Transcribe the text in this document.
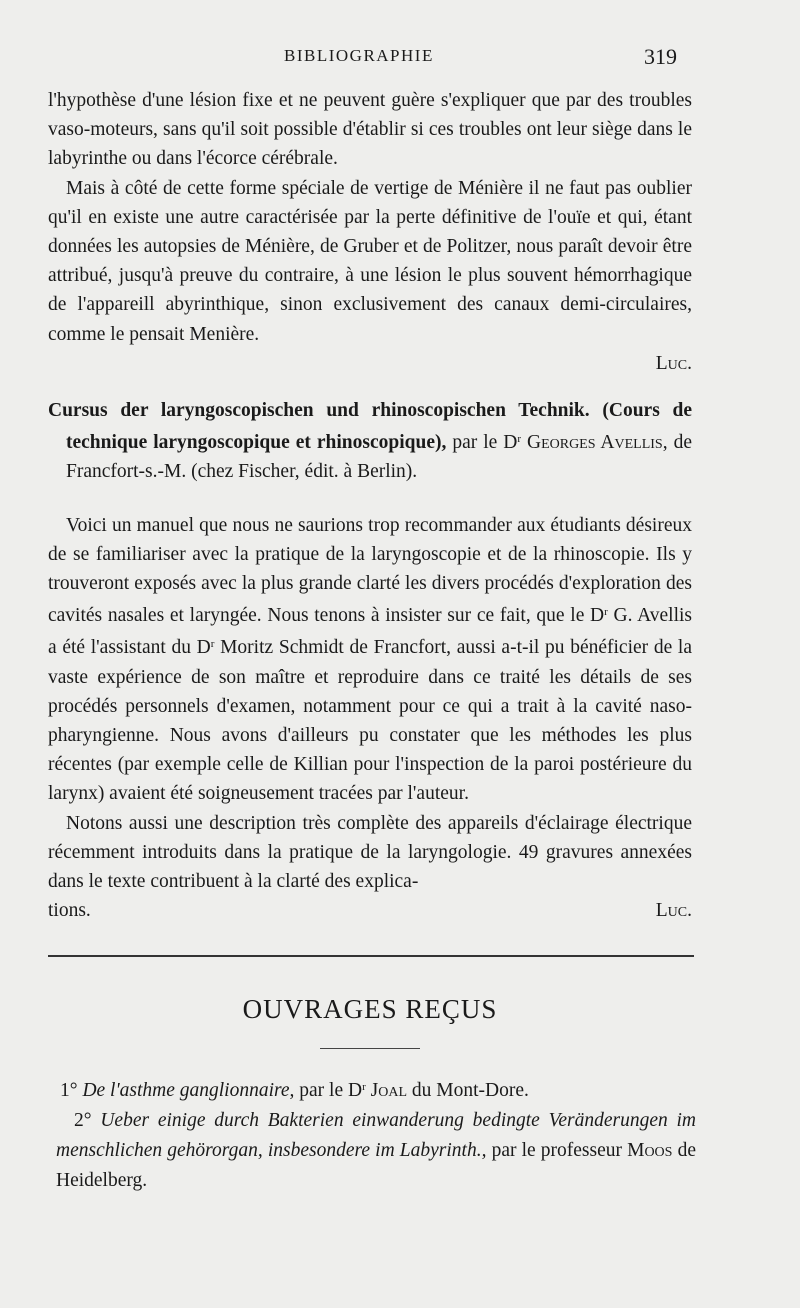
BIBLIOGRAPHIE	319

l'hypothèse d'une lésion fixe et ne peuvent guère s'expliquer que par des troubles vaso-moteurs, sans qu'il soit possible d'établir si ces troubles ont leur siège dans le labyrinthe ou dans l'écorce cérébrale.

Mais à côté de cette forme spéciale de vertige de Ménière il ne faut pas oublier qu'il en existe une autre caractérisée par la perte définitive de l'ouïe et qui, étant données les autopsies de Ménière, de Gruber et de Politzer, nous paraît devoir être attribué, jusqu'à preuve du contraire, à une lésion le plus souvent hémorrhagique de l'appareill abyrinthique, sinon exclusivement des canaux demi-circulaires, comme le pensait Menière.

Luc.

Cursus der laryngoscopischen und rhinoscopischen Technik. (Cours de technique laryngoscopique et rhinoscopique), par le $D^r$ Georges Avellis, de Francfort-s.-M. (chez Fischer, édit. à Berlin).

Voici un manuel que nous ne saurions trop recommander aux étudiants désireux de se familiariser avec la pratique de la laryngoscopie et de la rhinoscopie. Ils y trouveront exposés avec la plus grande clarté les divers procédés d'exploration des cavités nasales et laryngée. Nous tenons à insister sur ce fait, que le $D^r$ G. Avellis a été l'assistant du $D^r$ Moritz Schmidt de Francfort, aussi a-t-il pu bénéficier de la vaste expérience de son maître et reproduire dans ce traité les détails de ses procédés personnels d'examen, notamment pour ce qui a trait à la cavité naso-pharyngienne. Nous avons d'ailleurs pu constater que les méthodes les plus récentes (par exemple celle de Killian pour l'inspection de la paroi postérieure du larynx) avaient été soigneusement tracées par l'auteur.

Notons aussi une description très complète des appareils d'éclairage électrique récemment introduits dans la pratique de la laryngologie. 49 gravures annexées dans le texte contribuent à la clarté des explica-

tions.	Luc.

OUVRAGES REÇUS

1° De l'asthme ganglionnaire, par le $D^r$ Joal du Mont-Dore.

2° Ueber einige durch Bakterien einwanderung bedingte Veränderungen im menschlichen gehörorgan, insbesondere im Labyrinth., par le professeur Moos de Heidelberg.
